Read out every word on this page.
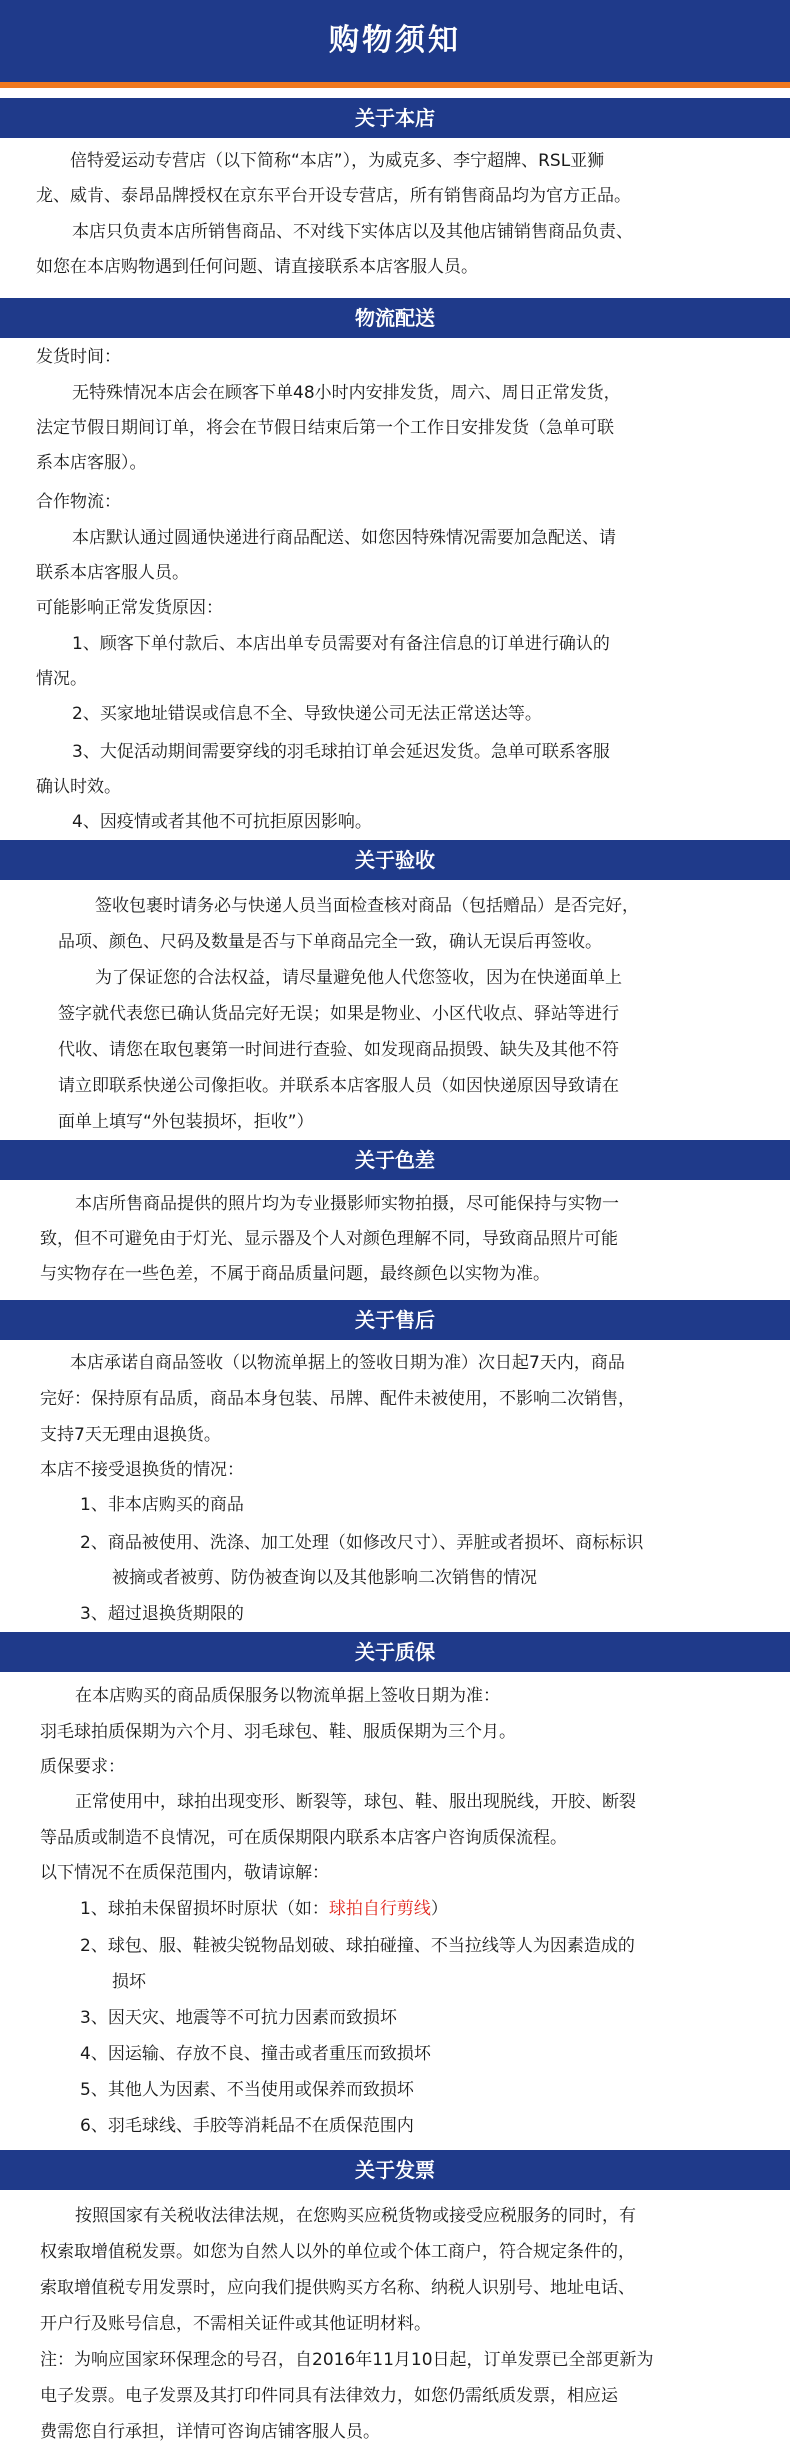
购物须知
关于本店
倍特爱运动专营店（以下简称“本店”），为威克多、李宁超牌、RSL亚狮
龙、威肯、泰昂品牌授权在京东平台开设专营店，所有销售商品均为官方正品。
本店只负责本店所销售商品、不对线下实体店以及其他店铺销售商品负责、
如您在本店购物遇到任何问题、请直接联系本店客服人员。
物流配送
发货时间：
无特殊情况本店会在顾客下单48小时内安排发货，周六、周日正常发货，
法定节假日期间订单，将会在节假日结束后第一个工作日安排发货（急单可联
系本店客服）。
合作物流：
本店默认通过圆通快递进行商品配送、如您因特殊情况需要加急配送、请
联系本店客服人员。
可能影响正常发货原因：
1、顾客下单付款后、本店出单专员需要对有备注信息的订单进行确认的
情况。
2、买家地址错误或信息不全、导致快递公司无法正常送达等。
3、大促活动期间需要穿线的羽毛球拍订单会延迟发货。急单可联系客服
确认时效。
4、因疫情或者其他不可抗拒原因影响。
关于验收
签收包裹时请务必与快递人员当面检查核对商品（包括赠品）是否完好，
品项、颜色、尺码及数量是否与下单商品完全一致，确认无误后再签收。
为了保证您的合法权益，请尽量避免他人代您签收，因为在快递面单上
签字就代表您已确认货品完好无误；如果是物业、小区代收点、驿站等进行
代收、请您在取包裹第一时间进行查验、如发现商品损毁、缺失及其他不符
请立即联系快递公司像拒收。并联系本店客服人员（如因快递原因导致请在
面单上填写“外包装损坏，拒收”）
关于色差
本店所售商品提供的照片均为专业摄影师实物拍摄，尽可能保持与实物一
致，但不可避免由于灯光、显示器及个人对颜色理解不同，导致商品照片可能
与实物存在一些色差，不属于商品质量问题，最终颜色以实物为准。
关于售后
本店承诺自商品签收（以物流单据上的签收日期为准）次日起7天内，商品
完好：保持原有品质，商品本身包装、吊牌、配件未被使用，不影响二次销售，
支持7天无理由退换货。
本店不接受退换货的情况：
1、非本店购买的商品
2、商品被使用、洗涤、加工处理（如修改尺寸）、弄脏或者损坏、商标标识
被摘或者被剪、防伪被查询以及其他影响二次销售的情况
3、超过退换货期限的
关于质保
在本店购买的商品质保服务以物流单据上签收日期为准：
羽毛球拍质保期为六个月、羽毛球包、鞋、服质保期为三个月。
质保要求：
正常使用中，球拍出现变形、断裂等，球包、鞋、服出现脱线，开胶、断裂
等品质或制造不良情况，可在质保期限内联系本店客户咨询质保流程。
以下情况不在质保范围内，敬请谅解：
1、球拍未保留损坏时原状（如：球拍自行剪线）
2、球包、服、鞋被尖锐物品划破、球拍碰撞、不当拉线等人为因素造成的
损坏
3、因天灾、地震等不可抗力因素而致损坏
4、因运输、存放不良、撞击或者重压而致损坏
5、其他人为因素、不当使用或保养而致损坏
6、羽毛球线、手胶等消耗品不在质保范围内
关于发票
按照国家有关税收法律法规，在您购买应税货物或接受应税服务的同时，有
权索取增值税发票。如您为自然人以外的单位或个体工商户，符合规定条件的，
索取增值税专用发票时，应向我们提供购买方名称、纳税人识别号、地址电话、
开户行及账号信息，不需相关证件或其他证明材料。
注：为响应国家环保理念的号召，自2016年11月10日起，订单发票已全部更新为
电子发票。电子发票及其打印件同具有法律效力，如您仍需纸质发票，相应运
费需您自行承担，详情可咨询店铺客服人员。
